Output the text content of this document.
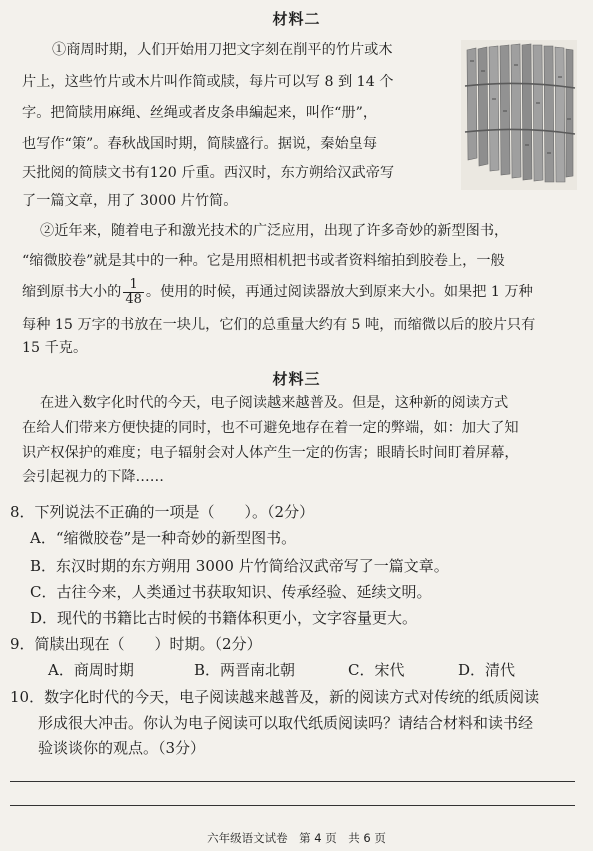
材料二
①商周时期，人们开始用刀把文字刻在削平的竹片或木
片上，这些竹片或木片叫作简或牍，每片可以写 8 到 14 个
字。把简牍用麻绳、丝绳或者皮条串編起来，叫作“册”，
也写作“策”。春秋战国时期，简牍盛行。据说，秦始皇每
天批阅的简牍文书有120 斤重。西汉时，东方朔给汉武帝写
了一篇文章，用了 3000 片竹简。
②近年来，随着电子和激光技术的广泛应用，出现了许多奇妙的新型图书，
“缩微胶卷”就是其中的一种。它是用照相机把书或者资料缩拍到胶卷上，一般
缩到原书大小的 $\frac{1}{48}$ 。使用的时候，再通过阅读器放大到原来大小。如果把 1 万种
每种 15 万字的书放在一块儿，它们的总重量大约有 5 吨，而缩微以后的胶片只有
15 千克。
材料三
在进入数字化时代的今天，电子阅读越来越普及。但是，这种新的阅读方式
在给人们带来方便快捷的同时，也不可避免地存在着一定的弊端，如：加大了知
识产权保护的难度；电子辐射会对人体产生一定的伤害；眼睛长时间盯着屏幕，
会引起视力的下降……
8．下列说法不正确的一项是（　　）。（2分）
A．“缩微胶卷”是一种奇妙的新型图书。
B．东汉时期的东方朔用 3000 片竹简给汉武帝写了一篇文章。
C．古往今来，人类通过书获取知识、传承经验、延续文明。
D．现代的书籍比古时候的书籍体积更小，文字容量更大。
9．简牍出现在（　　）时期。（2分）
A．商周时期	B．两晋南北朝	C．宋代	D．清代
10．数字化时代的今天，电子阅读越来越普及，新的阅读方式对传统的纸质阅读
形成很大冲击。你认为电子阅读可以取代纸质阅读吗？请结合材料和读书经
验谈谈你的观点。（3分）
六年级语文试卷　第 4 页　共 6 页
